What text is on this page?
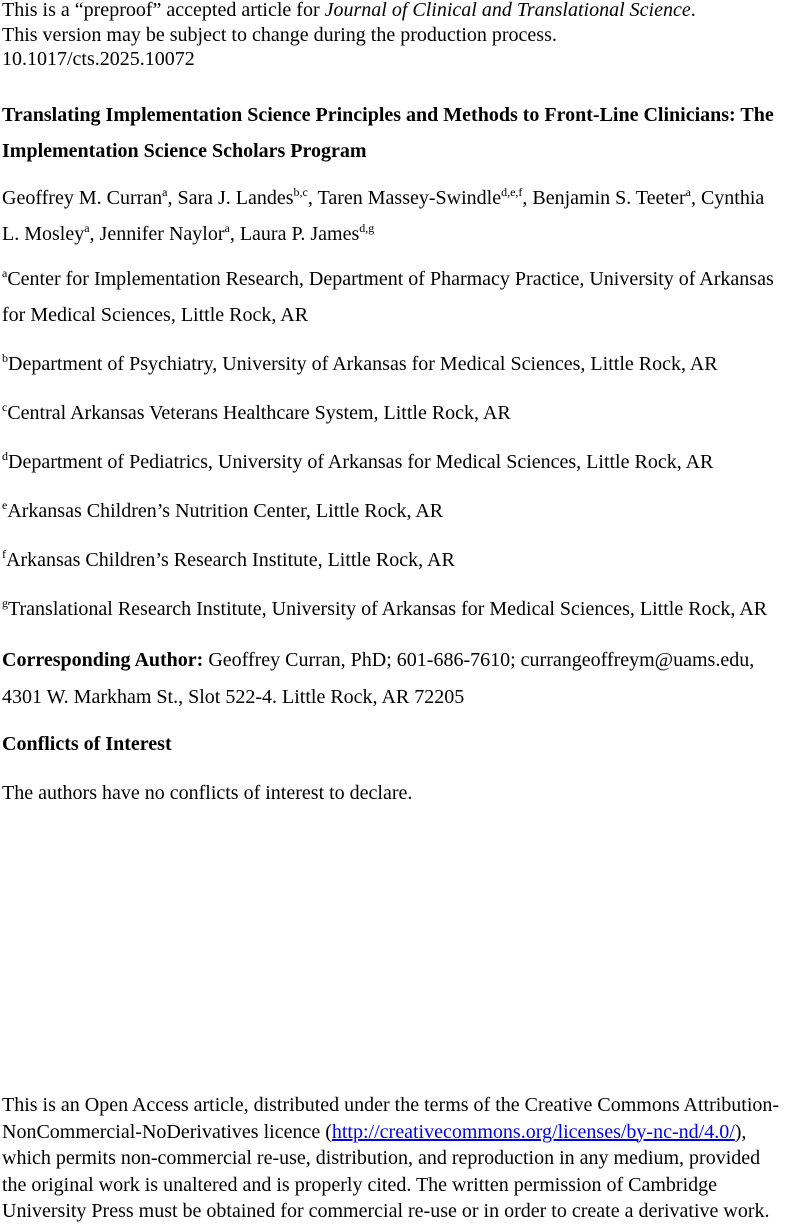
This is a “preproof” accepted article for Journal of Clinical and Translational Science.
This version may be subject to change during the production process.
10.1017/cts.2025.10072
Translating Implementation Science Principles and Methods to Front-Line Clinicians: The
Implementation Science Scholars Program
Geoffrey M. Curran$^a$, Sara J. Landes$^{b,c}$, Taren Massey-Swindle$^{d,e,f}$, Benjamin S. Teeter$^a$, Cynthia
L. Mosley$^a$, Jennifer Naylor$^a$, Laura P. James$^{d,g}$
$^a$Center for Implementation Research, Department of Pharmacy Practice, University of Arkansas
for Medical Sciences, Little Rock, AR
$^b$Department of Psychiatry, University of Arkansas for Medical Sciences, Little Rock, AR
$^c$Central Arkansas Veterans Healthcare System, Little Rock, AR
$^d$Department of Pediatrics, University of Arkansas for Medical Sciences, Little Rock, AR
$^e$Arkansas Children’s Nutrition Center, Little Rock, AR
$^f$Arkansas Children’s Research Institute, Little Rock, AR
$^g$Translational Research Institute, University of Arkansas for Medical Sciences, Little Rock, AR
Corresponding Author: Geoffrey Curran, PhD; 601-686-7610; currangeoffreym@uams.edu,
4301 W. Markham St., Slot 522-4. Little Rock, AR 72205
Conflicts of Interest
The authors have no conflicts of interest to declare.
This is an Open Access article, distributed under the terms of the Creative Commons Attribution-
NonCommercial-NoDerivatives licence (http://creativecommons.org/licenses/by-nc-nd/4.0/),
which permits non-commercial re-use, distribution, and reproduction in any medium, provided
the original work is unaltered and is properly cited. The written permission of Cambridge
University Press must be obtained for commercial re-use or in order to create a derivative work.
